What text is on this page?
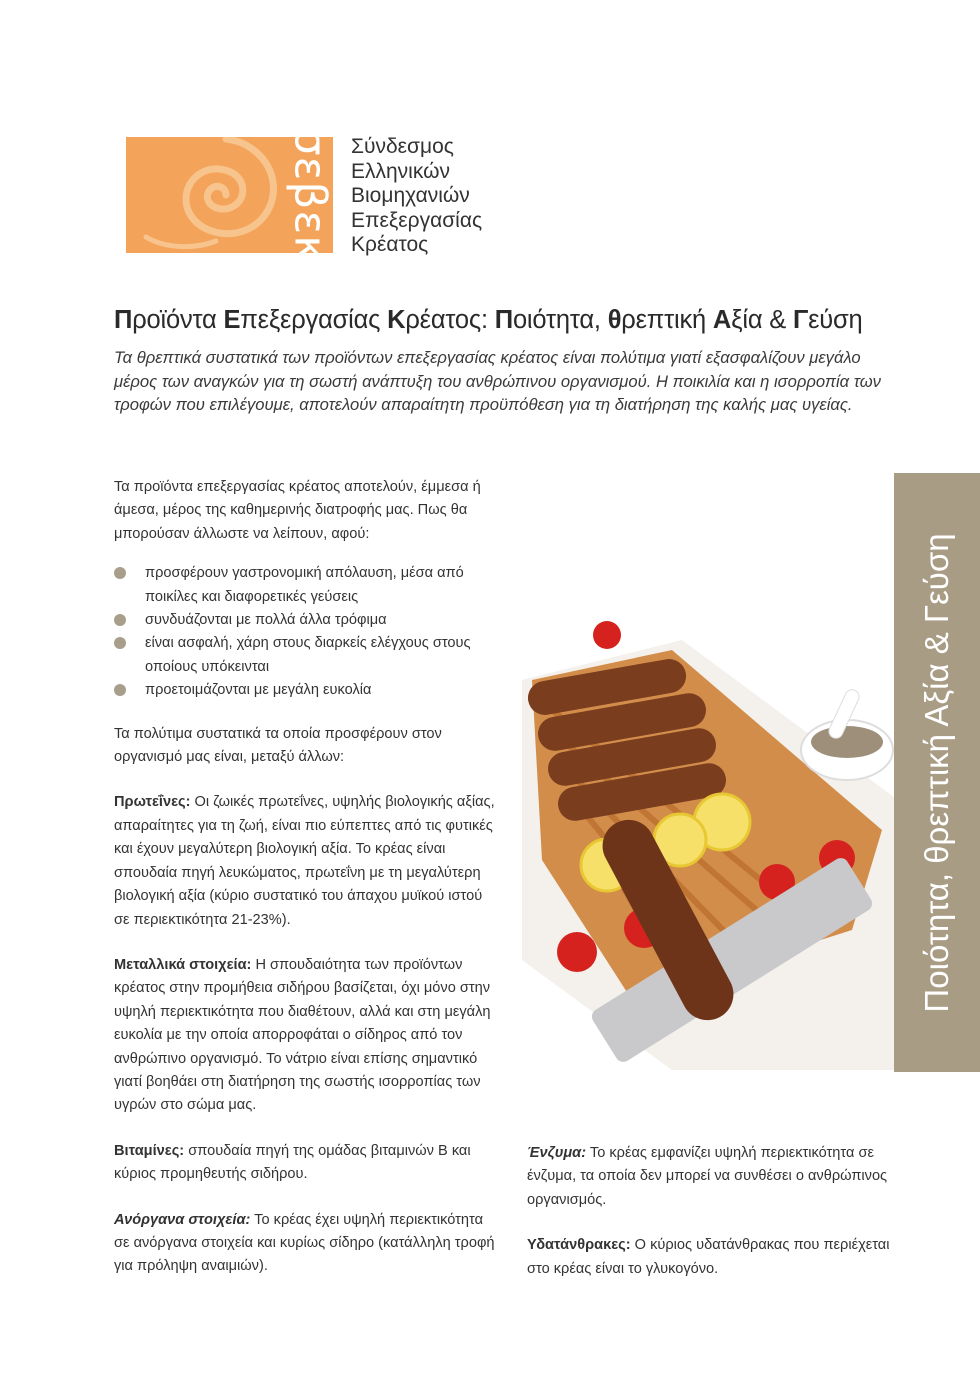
σεβεκ Σύνδεσμος
Ελληνικών
Βιομηχανιών
Επεξεργασίας
Κρέατος
Προϊόντα Επεξεργασίας Κρέατος: Ποιότητα, θρεπτική Αξία & Γεύση
Τα θρεπτικά συστατικά των προϊόντων επεξεργασίας κρέατος είναι πολύτιμα γιατί εξασφαλίζουν μεγάλο μέρος των αναγκών για τη σωστή ανάπτυξη του ανθρώπινου οργανισμού. Η ποικιλία και η ισορροπία των τροφών που επιλέγουμε, αποτελούν απαραίτητη προϋπόθεση για τη διατήρηση της καλής μας υγείας.

Τα προϊόντα επεξεργασίας κρέατος αποτελούν, έμμεσα ή άμεσα, μέρος της καθημερινής διατροφής μας. Πως θα μπορούσαν άλλωστε να λείπουν, αφού:

προσφέρουν γαστρονομική απόλαυση, μέσα από ποικίλες και διαφορετικές γεύσεις
συνδυάζονται με πολλά άλλα τρόφιμα
είναι ασφαλή, χάρη στους διαρκείς ελέγχους στους οποίους υπόκεινται
προετοιμάζονται με μεγάλη ευκολία

Τα πολύτιμα συστατικά τα οποία προσφέρουν στον οργανισμό μας είναι, μεταξύ άλλων:

Πρωτεΐνες: Οι ζωικές πρωτεΐνες, υψηλής βιολογικής αξίας, απαραίτητες για τη ζωή, είναι πιο εύπεπτες από τις φυτικές και έχουν μεγαλύτερη βιολογική αξία. Το κρέας είναι σπουδαία πηγή λευκώματος, πρωτεΐνη με τη μεγαλύτερη βιολογική αξία (κύριο συστατικό του άπαχου μυϊκού ιστού σε περιεκτικότητα 21-23%).

Μεταλλικά στοιχεία: Η σπουδαιότητα των προϊόντων κρέατος στην προμήθεια σιδήρου βασίζεται, όχι μόνο στην υψηλή περιεκτικότητα που διαθέτουν, αλλά και στη μεγάλη ευκολία με την οποία απορροφάται ο σίδηρος από τον ανθρώπινο οργανισμό. Το νάτριο είναι επίσης σημαντικό γιατί βοηθάει στη διατήρηση της σωστής ισορροπίας των υγρών στο σώμα μας.

Βιταμίνες: σπουδαία πηγή της ομάδας βιταμινών Β και κύριος προμηθευτής σιδήρου.

Ανόργανα στοιχεία: Το κρέας έχει υψηλή περιεκτικότητα σε ανόργανα στοιχεία και κυρίως σίδηρο (κατάλληλη τροφή για πρόληψη αναιμιών).

Ένζυμα: Το κρέας εμφανίζει υψηλή περιεκτικότητα σε ένζυμα, τα οποία δεν μπορεί να συνθέσει ο ανθρώπινος οργανισμός.

Υδατάνθρακες: Ο κύριος υδατάνθρακας που περιέχεται στο κρέας είναι το γλυκογόνο.

Ποιότητα, θρεπτική Αξία & Γεύση
